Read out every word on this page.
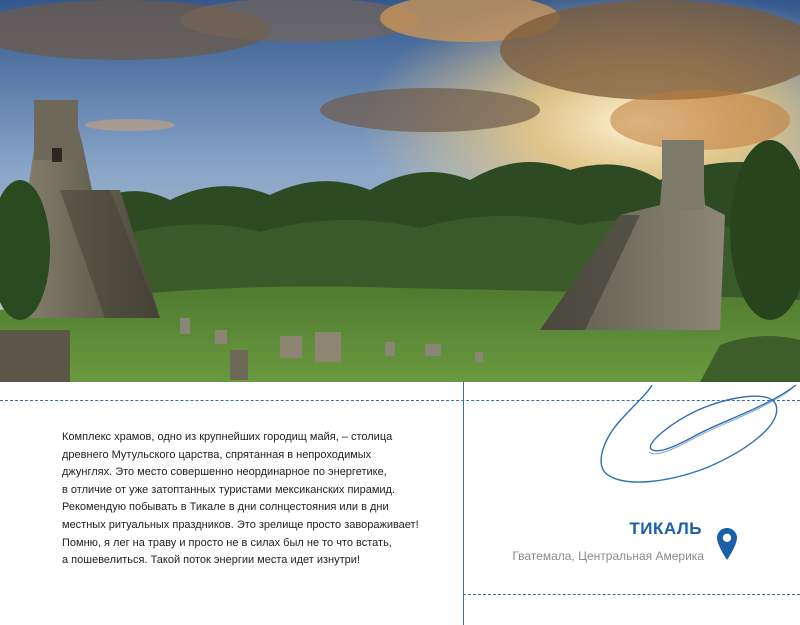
Комплекс храмов, одно из крупнейших городищ майя, – столица
древнего Мутульского царства, спрятанная в непроходимых
джунглях. Это место совершенно неординарное по энергетике,
в отличие от уже затоптанных туристами мексиканских пирамид.
Рекомендую побывать в Тикале в дни солнцестояния или в дни
местных ритуальных праздников. Это зрелище просто завораживает!
Помню, я лег на траву и просто не в силах был не то что встать,
а пошевелиться. Такой поток энергии места идет изнутри!

ТИКАЛЬ
Гватемала, Центральная Америка
